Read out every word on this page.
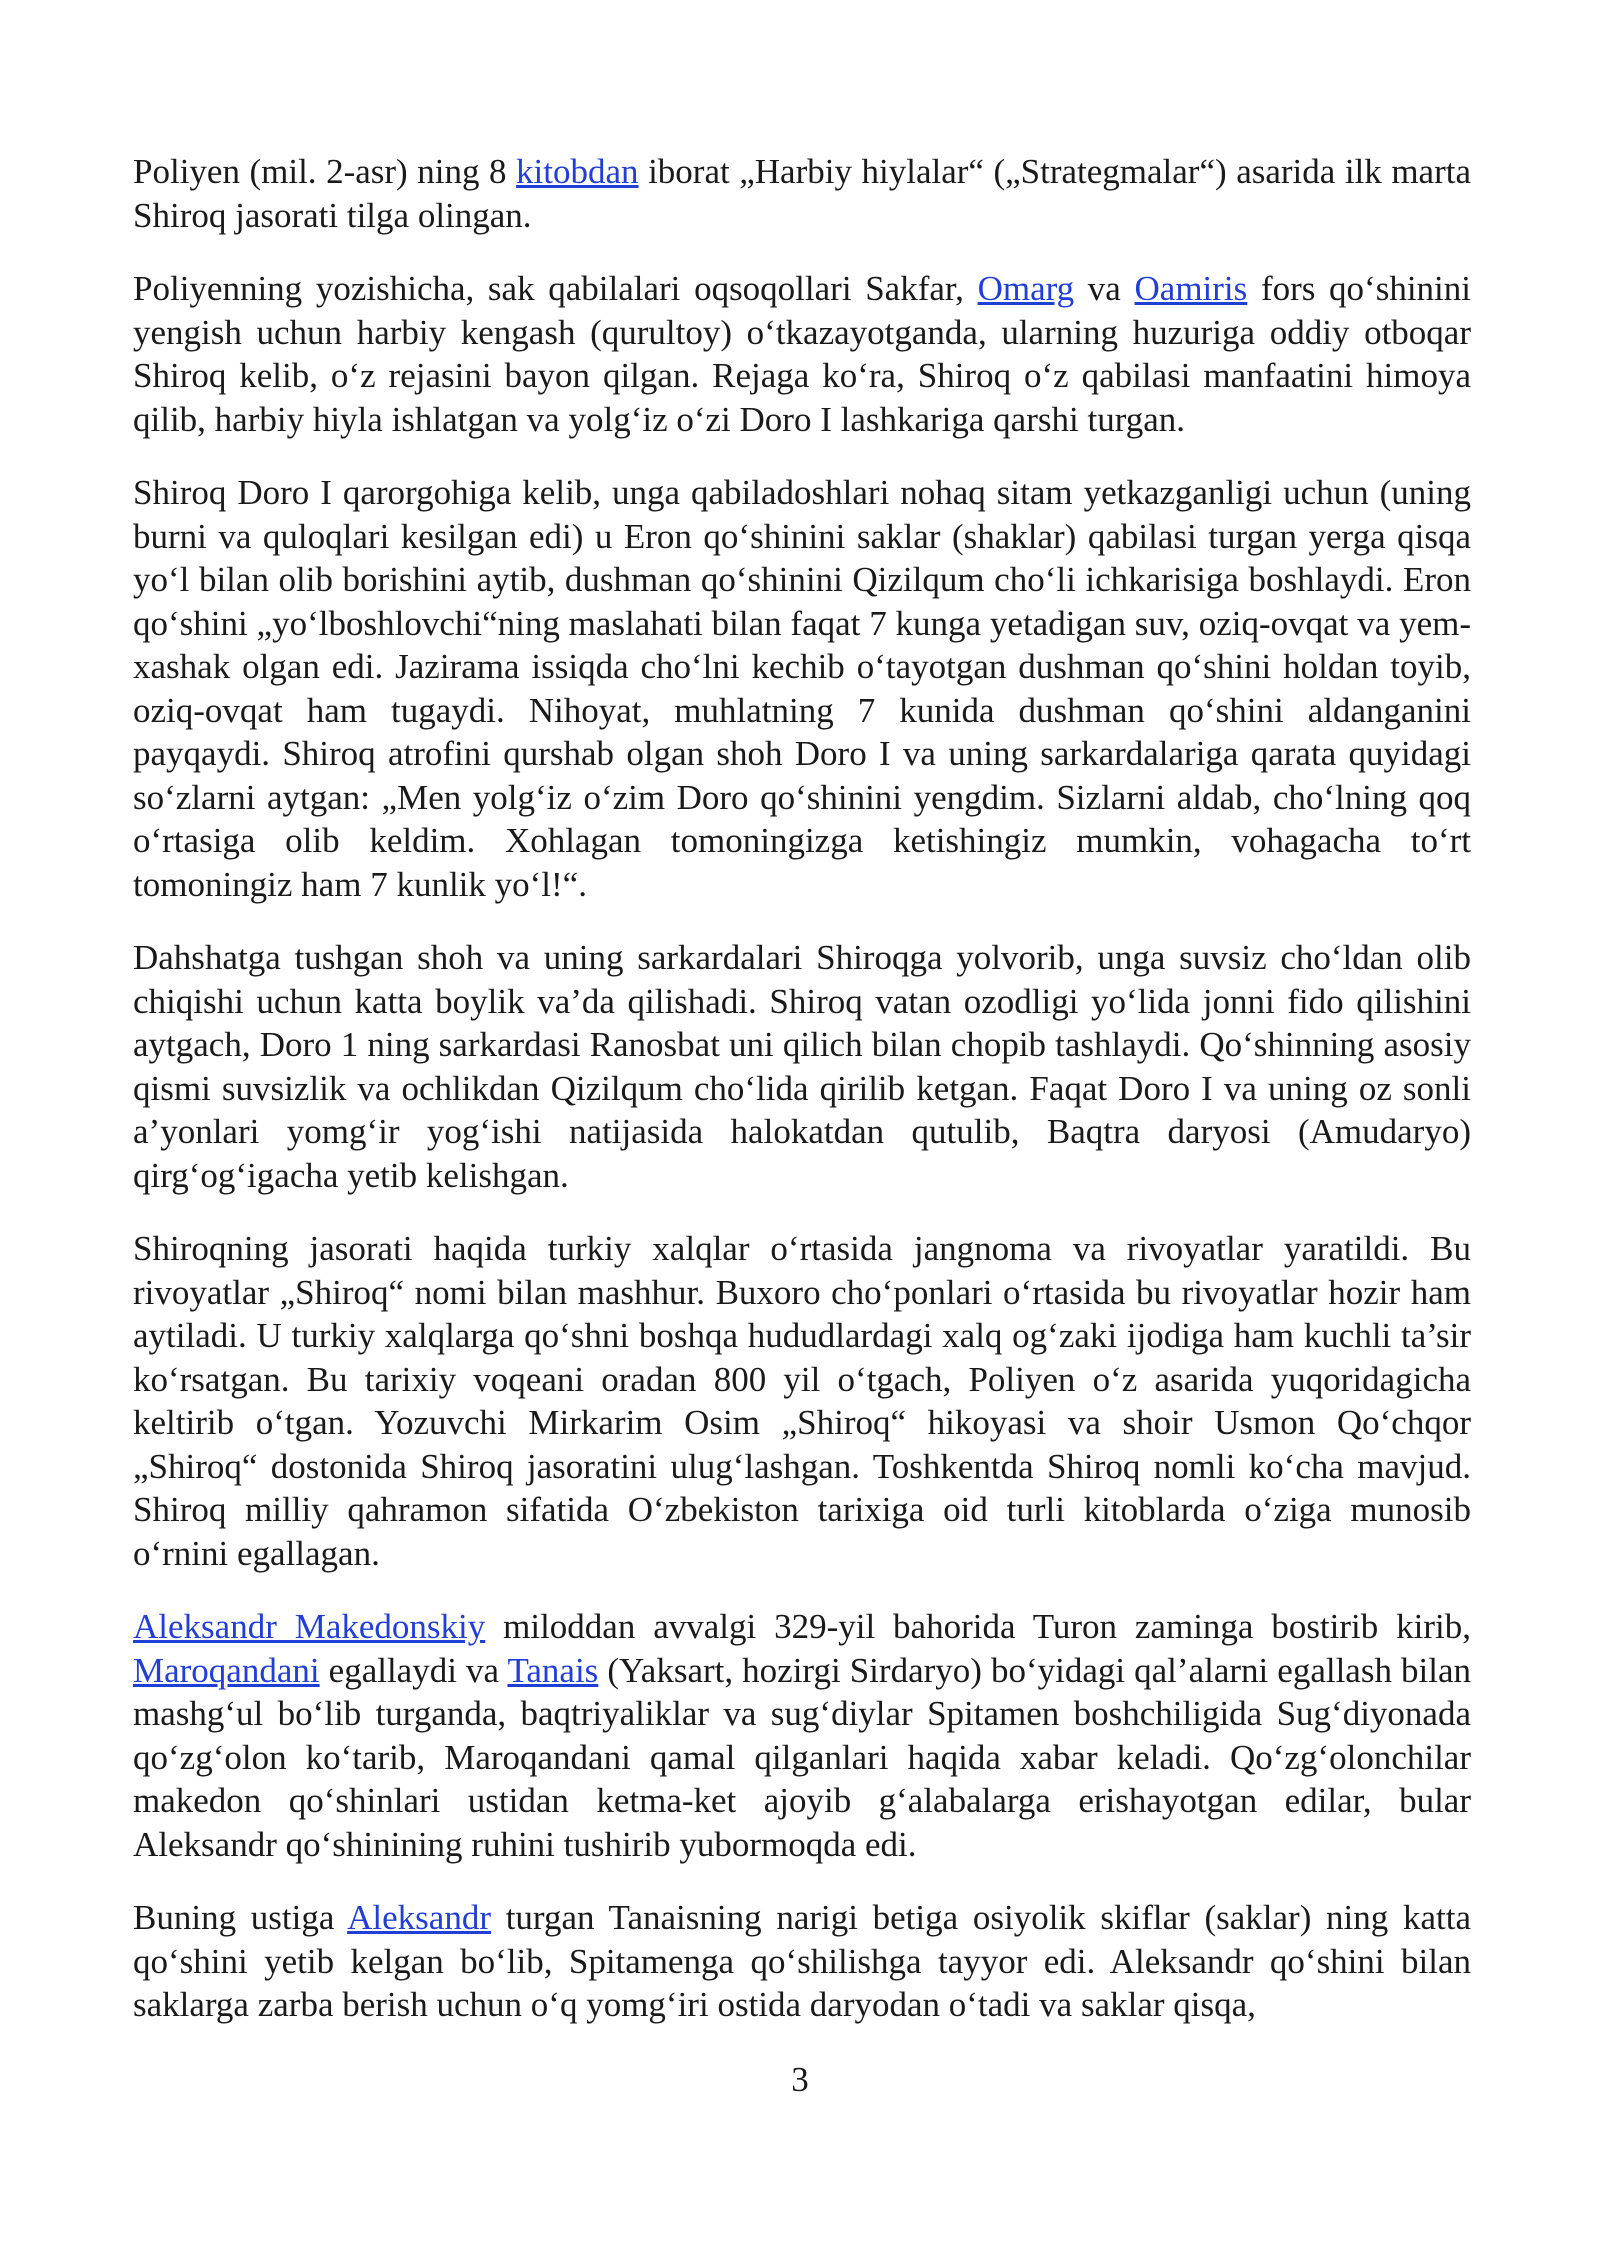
Poliyen (mil. 2-asr) ning 8 kitobdan iborat „Harbiy hiylalar“ („Strategmalar“) asarida ilk marta Shiroq jasorati tilga olingan.

Poliyenning yozishicha, sak qabilalari oqsoqollari Sakfar, Omarg va Oamiris fors qo‘shinini yengish uchun harbiy kengash (qurultoy) o‘tkazayotganda, ularning huzuriga oddiy otboqar Shiroq kelib, o‘z rejasini bayon qilgan. Rejaga ko‘ra, Shiroq o‘z qabilasi manfaatini himoya qilib, harbiy hiyla ishlatgan va yolg‘iz o‘zi Doro I lashkariga qarshi turgan.

Shiroq Doro I qarorgohiga kelib, unga qabiladoshlari nohaq sitam yetkazganligi uchun (uning burni va quloqlari kesilgan edi) u Eron qo‘shinini saklar (shaklar) qabilasi turgan yerga qisqa yo‘l bilan olib borishini aytib, dushman qo‘shinini Qizilqum cho‘li ichkarisiga boshlaydi. Eron qo‘shini „yo‘lboshlovchi“ning maslahati bilan faqat 7 kunga yetadigan suv, oziq-ovqat va yem-xashak olgan edi. Jazirama issiqda cho‘lni kechib o‘tayotgan dushman qo‘shini holdan toyib, oziq-ovqat ham tugaydi. Nihoyat, muhlatning 7 kunida dushman qo‘shini aldanganini payqaydi. Shiroq atrofini qurshab olgan shoh Doro I va uning sarkardalariga qarata quyidagi so‘zlarni aytgan: „Men yolg‘iz o‘zim Doro qo‘shinini yengdim. Sizlarni aldab, cho‘lning qoq o‘rtasiga olib keldim. Xohlagan tomoningizga ketishingiz mumkin, vohagacha to‘rt tomoningiz ham 7 kunlik yo‘l!“.

Dahshatga tushgan shoh va uning sarkardalari Shiroqga yolvorib, unga suvsiz cho‘ldan olib chiqishi uchun katta boylik va’da qilishadi. Shiroq vatan ozodligi yo‘lida jonni fido qilishini aytgach, Doro 1 ning sarkardasi Ranosbat uni qilich bilan chopib tashlaydi. Qo‘shinning asosiy qismi suvsizlik va ochlikdan Qizilqum cho‘lida qirilib ketgan. Faqat Doro I va uning oz sonli a’yonlari yomg‘ir yog‘ishi natijasida halokatdan qutulib, Baqtra daryosi (Amudaryo) qirg‘og‘igacha yetib kelishgan.

Shiroqning jasorati haqida turkiy xalqlar o‘rtasida jangnoma va rivoyatlar yaratildi. Bu rivoyatlar „Shiroq“ nomi bilan mashhur. Buxoro cho‘ponlari o‘rtasida bu rivoyatlar hozir ham aytiladi. U turkiy xalqlarga qo‘shni boshqa hududlardagi xalq og‘zaki ijodiga ham kuchli ta’sir ko‘rsatgan. Bu tarixiy voqeani oradan 800 yil o‘tgach, Poliyen o‘z asarida yuqoridagicha keltirib o‘tgan. Yozuvchi Mirkarim Osim „Shiroq“ hikoyasi va shoir Usmon Qo‘chqor „Shiroq“ dostonida Shiroq jasoratini ulug‘lashgan. Toshkentda Shiroq nomli ko‘cha mavjud. Shiroq milliy qahramon sifatida O‘zbekiston tarixiga oid turli kitoblarda o‘ziga munosib o‘rnini egallagan.

Aleksandr Makedonskiy miloddan avvalgi 329-yil bahorida Turon zaminga bostirib kirib, Maroqandani egallaydi va Tanais (Yaksart, hozirgi Sirdaryo) bo‘yidagi qal’alarni egallash bilan mashg‘ul bo‘lib turganda, baqtriyaliklar va sug‘diylar Spitamen boshchiligida Sug‘diyonada qo‘zg‘olon ko‘tarib, Maroqandani qamal qilganlari haqida xabar keladi. Qo‘zg‘olonchilar makedon qo‘shinlari ustidan ketma-ket ajoyib g‘alabalarga erishayotgan edilar, bular Aleksandr qo‘shinining ruhini tushirib yubormoqda edi.

Buning ustiga Aleksandr turgan Tanaisning narigi betiga osiyolik skiflar (saklar) ning katta qo‘shini yetib kelgan bo‘lib, Spitamenga qo‘shilishga tayyor edi. Aleksandr qo‘shini bilan saklarga zarba berish uchun o‘q yomg‘iri ostida daryodan o‘tadi va saklar qisqa,

3
